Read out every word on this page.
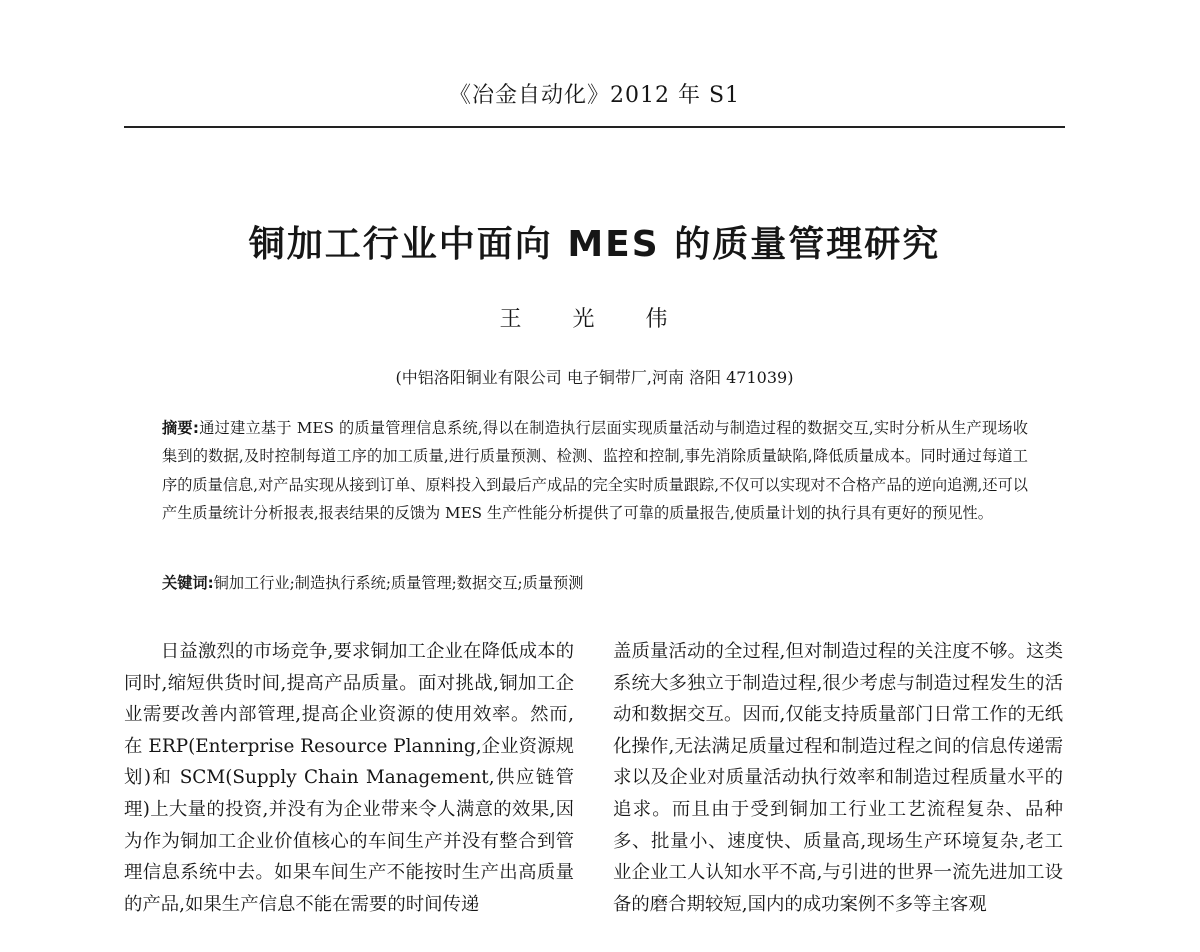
《冶金自动化》2012 年 S1
铜加工行业中面向 MES 的质量管理研究
王 光 伟
(中铝洛阳铜业有限公司 电子铜带厂,河南 洛阳 471039)
摘要:通过建立基于 MES 的质量管理信息系统,得以在制造执行层面实现质量活动与制造过程的数据交互,实时分析从生产现场收集到的数据,及时控制每道工序的加工质量,进行质量预测、检测、监控和控制,事先消除质量缺陷,降低质量成本。同时通过每道工序的质量信息,对产品实现从接到订单、原料投入到最后产成品的完全实时质量跟踪,不仅可以实现对不合格产品的逆向追溯,还可以产生质量统计分析报表,报表结果的反馈为 MES 生产性能分析提供了可靠的质量报告,使质量计划的执行具有更好的预见性。
关键词:铜加工行业;制造执行系统;质量管理;数据交互;质量预测

日益激烈的市场竞争,要求铜加工企业在降低成本的同时,缩短供货时间,提高产品质量。面对挑战,铜加工企业需要改善内部管理,提高企业资源的使用效率。然而,在 ERP(Enterprise Resource Planning,企业资源规划)和 SCM(Supply Chain Management,供应链管理)上大量的投资,并没有为企业带来令人满意的效果,因为作为铜加工企业价值核心的车间生产并没有整合到管理信息系统中去。如果车间生产不能按时生产出高质量的产品,如果生产信息不能在需要的时间传递

盖质量活动的全过程,但对制造过程的关注度不够。这类系统大多独立于制造过程,很少考虑与制造过程发生的活动和数据交互。因而,仅能支持质量部门日常工作的无纸化操作,无法满足质量过程和制造过程之间的信息传递需求以及企业对质量活动执行效率和制造过程质量水平的追求。而且由于受到铜加工行业工艺流程复杂、品种多、批量小、速度快、质量高,现场生产环境复杂,老工业企业工人认知水平不高,与引进的世界一流先进加工设备的磨合期较短,国内的成功案例不多等主客观
